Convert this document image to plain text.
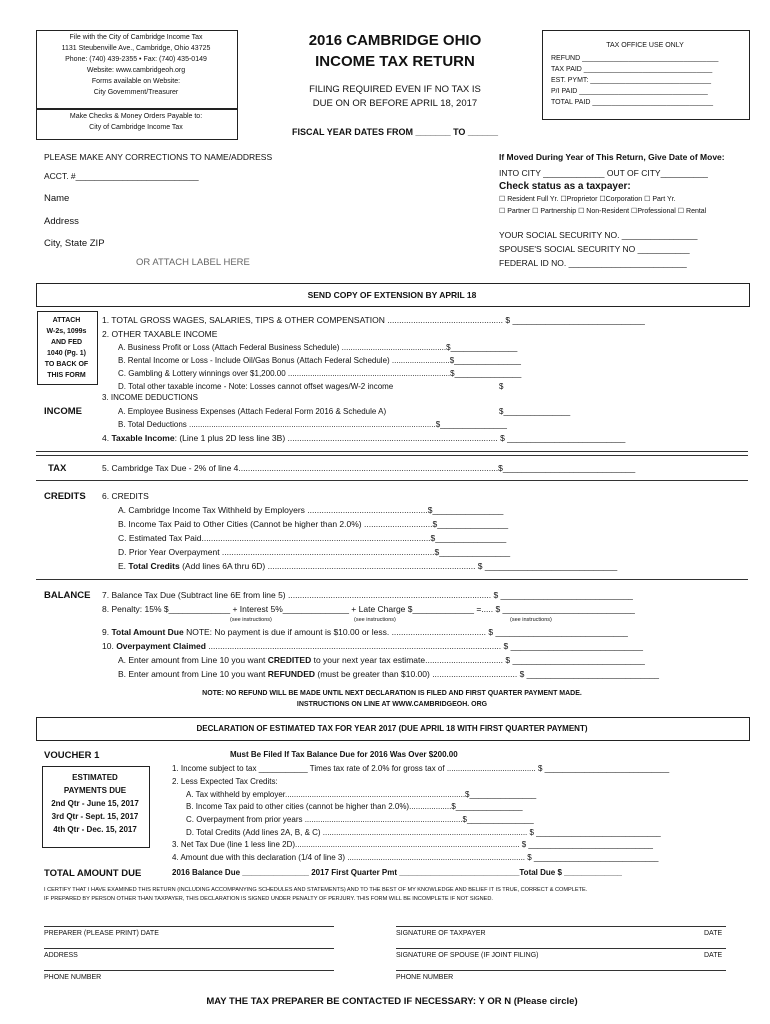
File with the City of Cambridge Income Tax
1131 Steubenville Ave., Cambridge, Ohio 43725
Phone: (740) 439-2355 • Fax: (740) 435-0149
Website: www.cambridgeoh.org
Forms available on Website:
City Government/Treasurer
Make Checks & Money Orders Payable to:
City of Cambridge Income Tax
2016 CAMBRIDGE OHIO
INCOME TAX RETURN
FILING REQUIRED EVEN IF NO TAX IS
DUE ON OR BEFORE APRIL 18, 2017
FISCAL YEAR DATES FROM _______ TO ______
TAX OFFICE USE ONLY
REFUND ___________________________________
TAX PAID _________________________________
EST. PYMT: _______________________________
P/I PAID _________________________________
TOTAL PAID _______________________________
PLEASE MAKE ANY CORRECTIONS TO NAME/ADDRESS
ACCT. #__________________________
Name
Address
City, State ZIP
OR ATTACH LABEL HERE
If Moved During Year of This Return, Give Date of Move:
INTO CITY _____________ OUT OF CITY__________
Check status as a taxpayer:
☐ Resident Full Yr. ☐Proprietor ☐Corporation ☐ Part Yr.
☐ Partner ☐ Partnership ☐ Non-Resident ☐Professional ☐ Rental
YOUR SOCIAL SECURITY NO. ________________
SPOUSE'S SOCIAL SECURITY NO ___________
FEDERAL ID NO. _________________________
SEND COPY OF EXTENSION BY APRIL 18
ATTACH
W-2s, 1099s
AND FED
1040 (Pg. 1)
TO BACK OF
THIS FORM
1. TOTAL GROSS WAGES, SALARIES, TIPS & OTHER COMPENSATION ................................................. $ ____________________________
2. OTHER TAXABLE INCOME
A. Business Profit or Loss (Attach Federal Business Schedule) ...............................................$_______________
B. Rental Income or Loss - Include Oil/Gas Bonus (Attach Federal Schedule) ..........................$_______________
C. Gambling & Lottery winnings over $1,200.00 .........................................................................$_______________
D. Total other taxable income - Note: Losses cannot offset wages/W-2 income	$
INCOME
3. INCOME DEDUCTIONS
A. Employee Business Expenses (Attach Federal Form 2016 & Schedule A)	$_______________
B. Total Deductions ...............................................................................................................$_______________
4. Taxable Income: (Line 1 plus 2D less line 3B) ......................................................................................... $ _________________________
TAX	5. Cambridge Tax Due - 2% of line 4..............................................................................................................$____________________________
CREDITS 6. CREDITS
A. Cambridge Income Tax Withheld by Employers ...................................................$_______________
B. Income Tax Paid to Other Cities (Cannot be higher than 2.0%) .............................$_______________
C. Estimated Tax Paid.................................................................................................$_______________
D. Prior Year Overpayment ..........................................................................................$_______________
E. Total Credits (Add lines 6A thru 6D) ........................................................................................ $ ____________________________
BALANCE 7. Balance Tax Due (Subtract line 6E from line 5) ...................................................................................... $ ____________________________
8. Penalty: 15% $_____________ + Interest 5%______________ + Late Charge $_____________ =..... $ ____________________________
(see instructions)	(see instructions)	(see instructions)
9. Total Amount Due NOTE: No payment is due if amount is $10.00 or less. ........................................ $ ____________________________
10. Overpayment Claimed ............................................................................................................................ $ ____________________________
A. Enter amount from Line 10 you want CREDITED to your next year tax estimate................................. $ ____________________________
B. Enter amount from Line 10 you want REFUNDED (must be greater than $10.00) .................................... $ ____________________________
NOTE: NO REFUND WILL BE MADE UNTIL NEXT DECLARATION IS FILED AND FIRST QUARTER PAYMENT MADE.
INSTRUCTIONS ON LINE AT WWW.CAMBRIDGEOH. ORG
DECLARATION OF ESTIMATED TAX FOR YEAR 2017 (DUE APRIL 18 WITH FIRST QUARTER PAYMENT)
VOUCHER 1	Must Be Filed If Tax Balance Due for 2016 Was Over $200.00
ESTIMATED
PAYMENTS DUE
2nd Qtr - June 15, 2017
3rd Qtr - Sept. 15, 2017
4th Qtr - Dec. 15, 2017
1. Income subject to tax ___________ Times tax rate of 2.0% for gross tax of ........................................ $ ____________________________
2. Less Expected Tax Credits:
A. Tax withheld by employer.................................................................................$_______________
B. Income Tax paid to other cities (cannot be higher than 2.0%)...................$_______________
C. Overpayment from prior years .......................................................................$_______________
D. Total Credits (Add lines 2A, B, & C) ............................................................................................ $ ____________________________
3. Net Tax Due (line 1 less line 2D)..................................................................................................... $ ____________________________
4. Amount due with this declaration (1/4 of line 3) ................................................................................ $ ____________________________
TOTAL AMOUNT DUE	2016 Balance Due _______________ 2017 First Quarter Pmt ___________________________Total Due $ _____________
I CERTIFY THAT I HAVE EXAMINED THIS RETURN (INCLUDING ACCOMPANYING SCHEDULES AND STATEMENTS) AND TO THE BEST OF MY KNOWLEDGE AND BELIEF IT IS TRUE, CORRECT & COMPLETE.
IF PREPARED BY PERSON OTHER THAN TAXPAYER, THIS DECLARATION IS SIGNED UNDER PENALTY OF PERJURY. THIS FORM WILL BE INCOMPLETE IF NOT SIGNED.
PREPARER (PLEASE PRINT) DATE
ADDRESS
PHONE NUMBER
SIGNATURE OF TAXPAYER	DATE
SIGNATURE OF SPOUSE (IF JOINT FILING)	DATE
PHONE NUMBER
MAY THE TAX PREPARER BE CONTACTED IF NECESSARY: Y OR N (Please circle)
